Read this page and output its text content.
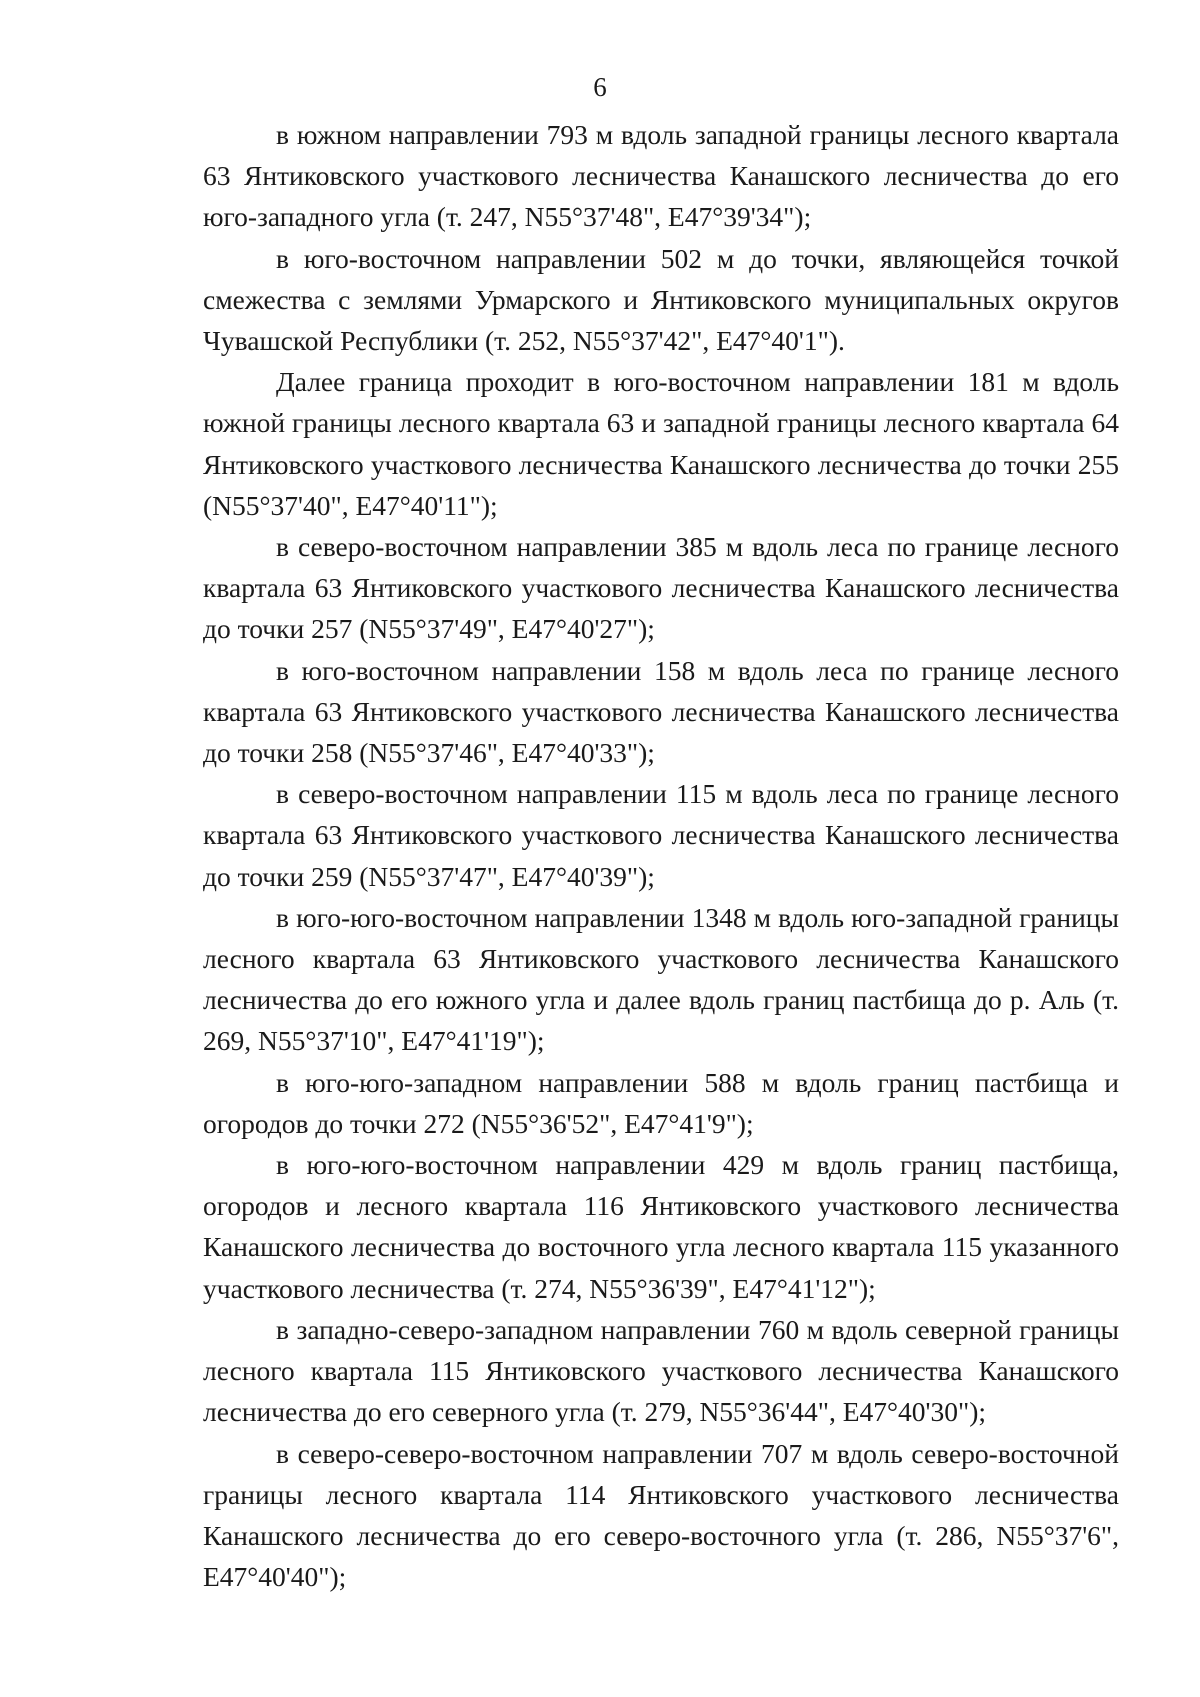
6

в южном направлении 793 м вдоль западной границы лесного квартала 63 Янтиковского участкового лесничества Канашского лесничества до его юго-западного угла (т. 247, N55°37'48", E47°39'34");

в юго-восточном направлении 502 м до точки, являющейся точкой смежества с землями Урмарского и Янтиковского муниципальных округов Чувашской Республики (т. 252, N55°37'42", E47°40'1").

Далее граница проходит в юго-восточном направлении 181 м вдоль южной границы лесного квартала 63 и западной границы лесного квартала 64 Янтиковского участкового лесничества Канашского лесничества до точки 255 (N55°37'40", E47°40'11");

в северо-восточном направлении 385 м вдоль леса по границе лесного квартала 63 Янтиковского участкового лесничества Канашского лесничества до точки 257 (N55°37'49", E47°40'27");

в юго-восточном направлении 158 м вдоль леса по границе лесного квартала 63 Янтиковского участкового лесничества Канашского лесничества до точки 258 (N55°37'46", E47°40'33");

в северо-восточном направлении 115 м вдоль леса по границе лесного квартала 63 Янтиковского участкового лесничества Канашского лесничества до точки 259 (N55°37'47", E47°40'39");

в юго-юго-восточном направлении 1348 м вдоль юго-западной границы лесного квартала 63 Янтиковского участкового лесничества Канашского лесничества до его южного угла и далее вдоль границ пастбища до р. Аль (т. 269, N55°37'10", E47°41'19");

в юго-юго-западном направлении 588 м вдоль границ пастбища и огородов до точки 272 (N55°36'52", E47°41'9");

в юго-юго-восточном направлении 429 м вдоль границ пастбища, огородов и лесного квартала 116 Янтиковского участкового лесничества Канашского лесничества до восточного угла лесного квартала 115 указанного участкового лесничества (т. 274, N55°36'39", E47°41'12");

в западно-северо-западном направлении 760 м вдоль северной границы лесного квартала 115 Янтиковского участкового лесничества Канашского лесничества до его северного угла (т. 279, N55°36'44", E47°40'30");

в северо-северо-восточном направлении 707 м вдоль северо-восточной границы лесного квартала 114 Янтиковского участкового лесничества Канашского лесничества до его северо-восточного угла (т. 286, N55°37'6", E47°40'40");
